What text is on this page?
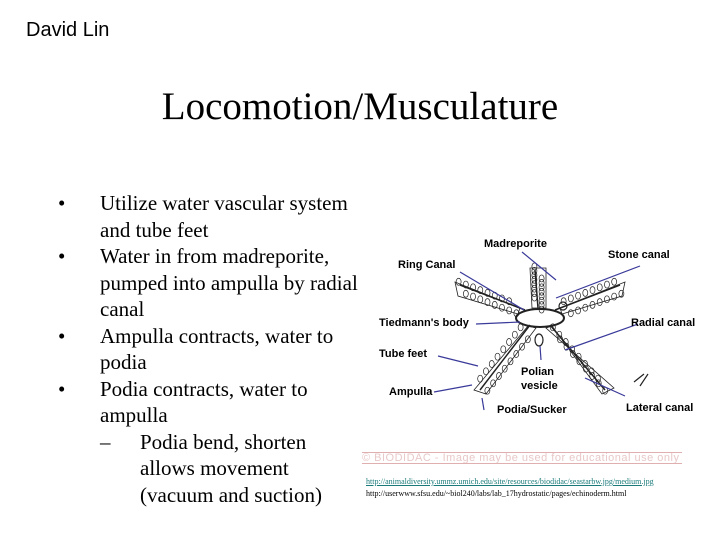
David Lin
Locomotion/Musculature
• Utilize water vascular system and tube feet
• Water in from madreporite, pumped into ampulla by radial canal
• Ampulla contracts, water to podia
• Podia contracts, water to ampulla
– Podia bend, shorten allows movement (vacuum and suction)
Madreporite
Ring Canal
Stone canal
Tiedmann's body	Radial canal
Tube feet
Polian
vesicle
Ampulla
Podia/Sucker	Lateral canal
© BIODIDAC - Image may be used for educational use only
http://animaldiversity.ummz.umich.edu/site/resources/biodidac/seastarbw.jpg/medium.jpg
http://userwww.sfsu.edu/~biol240/labs/lab_17hydrostatic/pages/echinoderm.html
